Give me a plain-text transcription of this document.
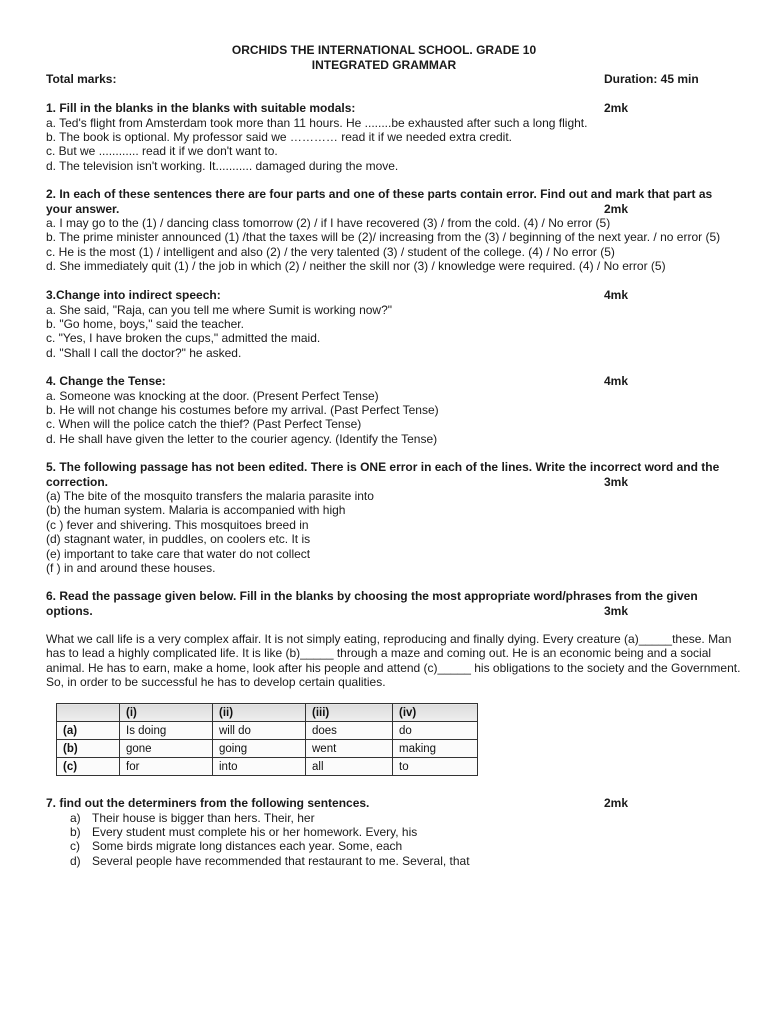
ORCHIDS THE INTERNATIONAL SCHOOL. GRADE 10
INTEGRATED GRAMMAR
Total marks:	Duration: 45 min
1. Fill in the blanks in the blanks with suitable modals:	2mk
a. Ted's flight from Amsterdam took more than 11 hours. He ........be exhausted after such a long flight.
b. The book is optional. My professor said we ………… read it if we needed extra credit.
c. But we ............ read it if we don't want to.
d. The television isn't working. It........... damaged during the move.
2. In each of these sentences there are four parts and one of these parts contain error. Find out and mark that part as
your answer.	2mk
a. I may go to the (1) / dancing class tomorrow (2) / if I have recovered (3) / from the cold. (4) / No error (5)
b. The prime minister announced (1) /that the taxes will be (2)/ increasing from the (3) / beginning of the next year. / no error (5)
c. He is the most (1) / intelligent and also (2) / the very talented (3) / student of the college. (4) / No error (5)
d. She immediately quit (1) / the job in which (2) / neither the skill nor (3) / knowledge were required. (4) / No error (5)
3.Change into indirect speech:	4mk
a. She said, "Raja, can you tell me where Sumit is working now?"
b. "Go home, boys," said the teacher.
c. "Yes, I have broken the cups," admitted the maid.
d. "Shall I call the doctor?" he asked.
4. Change the Tense:	4mk
a. Someone was knocking at the door. (Present Perfect Tense)
b. He will not change his costumes before my arrival. (Past Perfect Tense)
c. When will the police catch the thief? (Past Perfect Tense)
d. He shall have given the letter to the courier agency. (Identify the Tense)
5. The following passage has not been edited. There is ONE error in each of the lines. Write the incorrect word and the
correction.	3mk
(a) The bite of the mosquito transfers the malaria parasite into
(b) the human system. Malaria is accompanied with high
(c ) fever and shivering. This mosquitoes breed in
(d) stagnant water, in puddles, on coolers etc. It is
(e) important to take care that water do not collect
(f ) in and around these houses.
6. Read the passage given below. Fill in the blanks by choosing the most appropriate word/phrases from the given
options.	3mk
What we call life is a very complex affair. It is not simply eating, reproducing and finally dying. Every creature (a)_____these. Man
has to lead a highly complicated life. It is like (b)_____ through a maze and coming out. He is an economic being and a social
animal. He has to earn, make a home, look after his people and attend (c)_____ his obligations to the society and the Government.
So, in order to be successful he has to develop certain qualities.
	(i)	(ii)	(iii)	(iv)
(a)	Is doing	will do	does	do
(b)	gone	going	went	making
(c)	for	into	all	to
7. find out the determiners from the following sentences.	2mk
a) Their house is bigger than hers. Their, her
b) Every student must complete his or her homework. Every, his
c)	Some birds migrate long distances each year. Some, each
d) Several people have recommended that restaurant to me. Several, that
